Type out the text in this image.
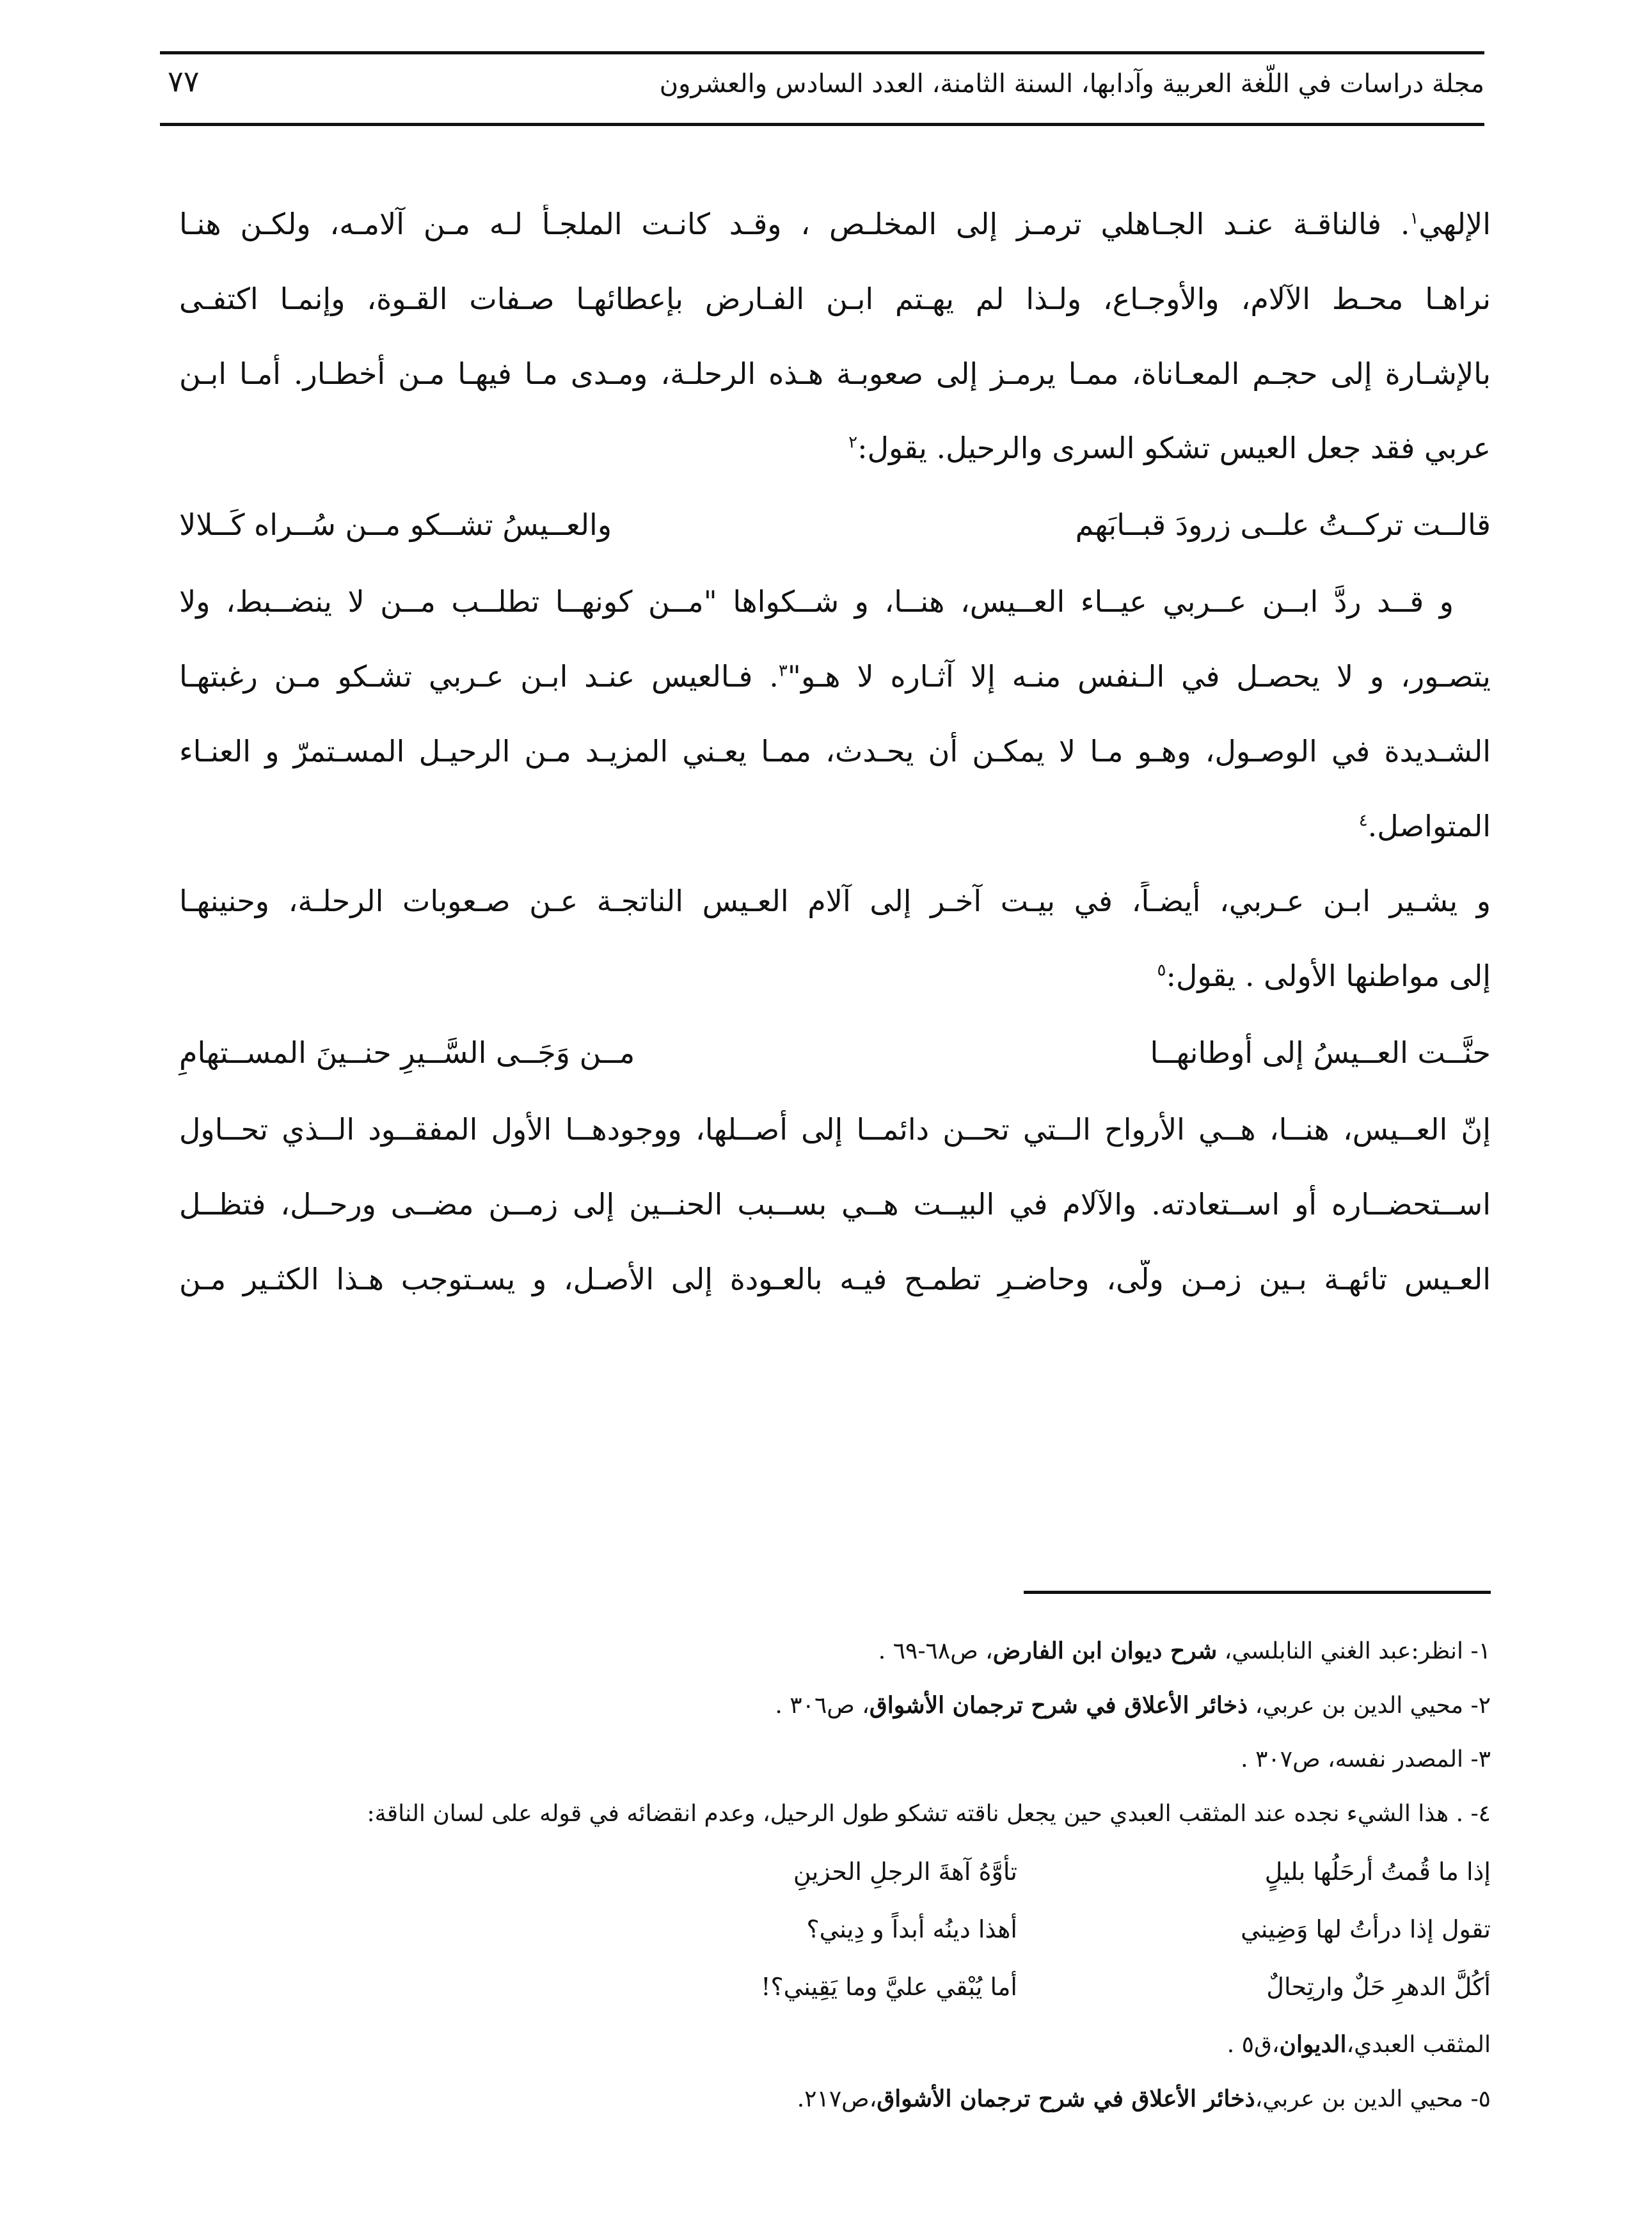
مجلة دراسات في اللّغة العربية وآدابها، السنة الثامنة، العدد السادس والعشرون
٧٧
الإلهي$^١$. فالناقـة عنـد الجـاهلي ترمـز إلى المخلـص ، وقـد كانـت الملجـأ لـه مـن آلامـه، ولكـن هنـا
نراهـا محـط الآلام، والأوجـاع، ولـذا لم يهـتم ابـن الفـارض بإعطائهـا صـفات القـوة، وإنمـا اكتفـى
بالإشـارة إلى حجـم المعـاناة، ممـا يرمـز إلى صعوبـة هـذه الرحلـة، ومـدى مـا فيهـا مـن أخطـار. أمـا ابـن
عربي فقد جعل العيس تشكو السرى والرحيل. يقول:$^٢$
قالــت تركــتُ علــى زرودَ قبــابَهم
والعــيسُ تشــكو مــن سُــراه كَــلالا
و قــد ردَّ ابــن عــربي عيــاء العــيس، هنــا، و شــكواها "مــن كونهــا تطلــب مــن لا ينضــبط، ولا
يتصـور، و لا يحصـل في الـنفس منـه إلا آثـاره لا هـو"$^٣$. فـالعيس عنـد ابـن عـربي تشـكو مـن رغبتهـا
الشـديدة في الوصـول، وهـو مـا لا يمكـن أن يحـدث، ممـا يعـني المزيـد مـن الرحيـل المسـتمرّ و العنـاء
المتواصل.$^٤$
و يشـير ابـن عـربي، أيضـاً، في بيـت آخـر إلى آلام العـيس الناتجـة عـن صـعوبات الرحلـة، وحنينهـا
إلى مواطنها الأولى . يقول:$^٥$
حنَّــت العــيسُ إلى أوطانهــا
مــن وَجَــى السَّــيرِ حنــينَ المســتهامِ
إنّ العــيس، هنــا، هــي الأرواح الــتي تحــن دائمــا إلى أصــلها، ووجودهــا الأول المفقــود الــذي تحــاول
اســتحضــاره أو اســتعادته. والآلام في البيــت هــي بســبب الحنــين إلى زمــن مضــى ورحــل، فتظــل
العـيس تائهـة بـين زمـنٍ ولّى، وحاضـرٍ تطمـح فيـه بالعـودة إلى الأصـل، و يسـتوجب هـذا الكثـير مـن
١- انظر:عبد الغني النابلسي، شرح ديوان ابن الفارض، ص٦٨-٦٩ .
٢- محيي الدين بن عربي، ذخائر الأعلاق في شرح ترجمان الأشواق، ص٣٠٦ .
٣- المصدر نفسه، ص٣٠٧ .
٤- . هذا الشيء نجده عند المثقب العبدي حين يجعل ناقته تشكو طول الرحيل، وعدم انقضائه في قوله على لسان الناقة:
إذا ما قُمتُ أرحَلُها بليلٍ
تأوَّهُ آهةَ الرجلِ الحزينِ
تقول إذا درأتُ لها وَضِيني
أهذا دينُه أبداً و دِيني؟
أكُلَّ الدهرِ حَلٌ وارتِحالٌ
أما يُبْقي عليَّ وما يَقِيني؟!
المثقب العبدي،الديوان،ق٥ .
٥- محيي الدين بن عربي،ذخائر الأعلاق في شرح ترجمان الأشواق،ص٢١٧.
